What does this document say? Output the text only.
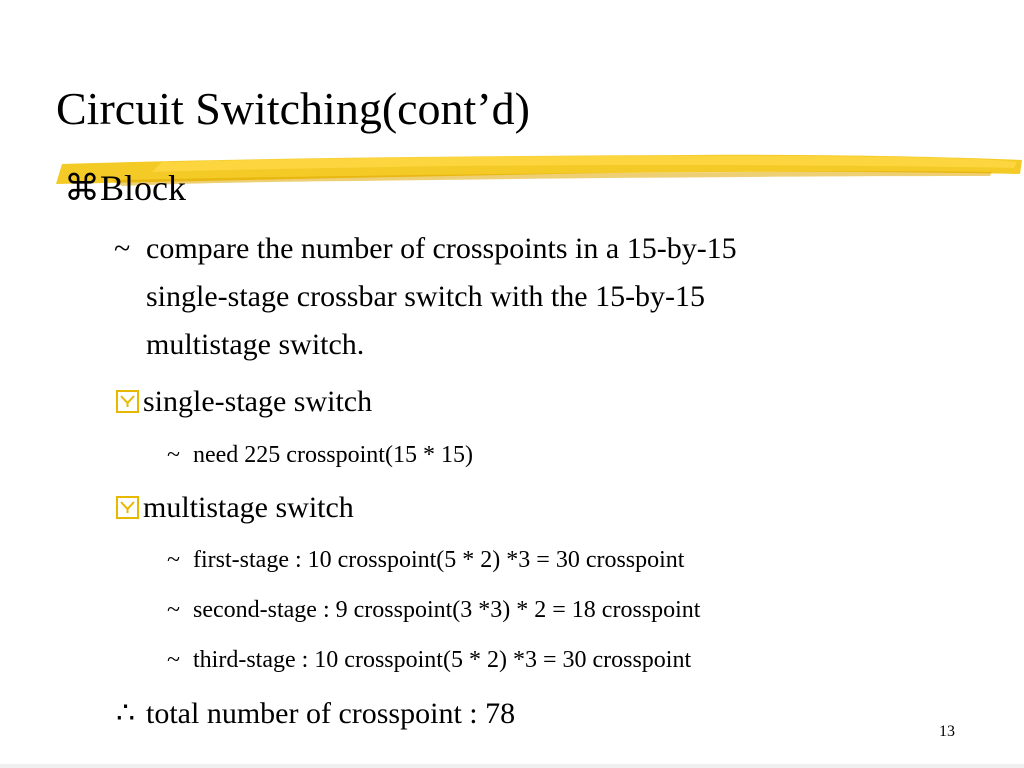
Circuit Switching(cont’d)
⌘Block
~ compare the number of crosspoints in a 15-by-15
single-stage crossbar switch with the 15-by-15
multistage switch.
single-stage switch
~ need 225 crosspoint(15 * 15)
multistage switch
~ first-stage : 10 crosspoint(5 * 2) *3 = 30 crosspoint
~ second-stage : 9 crosspoint(3 *3) * 2 = 18 crosspoint
~ third-stage : 10 crosspoint(5 * 2) *3 = 30 crosspoint
∴ total number of crosspoint : 78
13
